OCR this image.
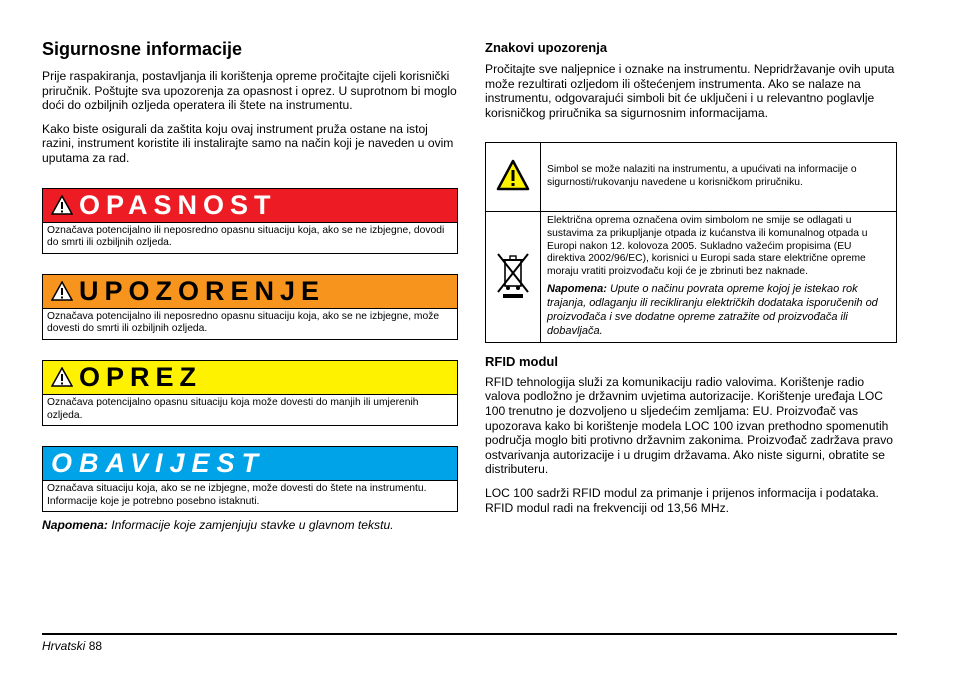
Sigurnosne informacije

Prije raspakiranja, postavljanja ili korištenja opreme pročitajte cijeli korisnički priručnik. Poštujte sva upozorenja za opasnost i oprez. U suprotnom bi moglo doći do ozbiljnih ozljeda operatera ili štete na instrumentu.

Kako biste osigurali da zaštita koju ovaj instrument pruža ostane na istoj razini, instrument koristite ili instalirajte samo na način koji je naveden u ovim uputama za rad.

OPASNOST
Označava potencijalno ili neposredno opasnu situaciju koja, ako se ne izbjegne, dovodi do smrti ili ozbiljnih ozljeda.
UPOZORENJE
Označava potencijalno ili neposredno opasnu situaciju koja, ako se ne izbjegne, može dovesti do smrti ili ozbiljnih ozljeda.
OPREZ
Označava potencijalno opasnu situaciju koja može dovesti do manjih ili umjerenih ozljeda.
OBAVIJEST
Označava situaciju koja, ako se ne izbjegne, može dovesti do štete na instrumentu. Informacije koje je potrebno posebno istaknuti.

Napomena: Informacije koje zamjenjuju stavke u glavnom tekstu.

Znakovi upozorenja

Pročitajte sve naljepnice i oznake na instrumentu. Nepridržavanje ovih uputa može rezultirati ozljedom ili oštećenjem instrumenta. Ako se nalaze na instrumentu, odgovarajući simboli bit će uključeni i u relevantno poglavlje korisničkog priručnika sa sigurnosnim informacijama.

Simbol se može nalaziti na instrumentu, a upućivati na informacije o sigurnosti/rukovanju navedene u korisničkom priručniku.

Električna oprema označena ovim simbolom ne smije se odlagati u sustavima za prikupljanje otpada iz kućanstva ili komunalnog otpada u Europi nakon 12. kolovoza 2005. Sukladno važećim propisima (EU direktiva 2002/96/EC), korisnici u Europi sada stare električne opreme moraju vratiti proizvođaču koji će je zbrinuti bez naknade.

Napomena: Upute o načinu povrata opreme kojoj je istekao rok trajanja, odlaganju ili recikliranju električkih dodataka isporučenih od proizvođača i sve dodatne opreme zatražite od proizvođača ili dobavljača.

RFID modul

RFID tehnologija služi za komunikaciju radio valovima. Korištenje radio valova podložno je državnim uvjetima autorizacije. Korištenje uređaja LOC 100 trenutno je dozvoljeno u sljedećim zemljama: EU. Proizvođač vas upozorava kako bi korištenje modela LOC 100 izvan prethodno spomenutih područja moglo biti protivno državnim zakonima. Proizvođač zadržava pravo ostvarivanja autorizacije i u drugim državama. Ako niste sigurni, obratite se distributeru.

LOC 100 sadrži RFID modul za primanje i prijenos informacija i podataka. RFID modul radi na frekvenciji od 13,56 MHz.

Hrvatski 88
